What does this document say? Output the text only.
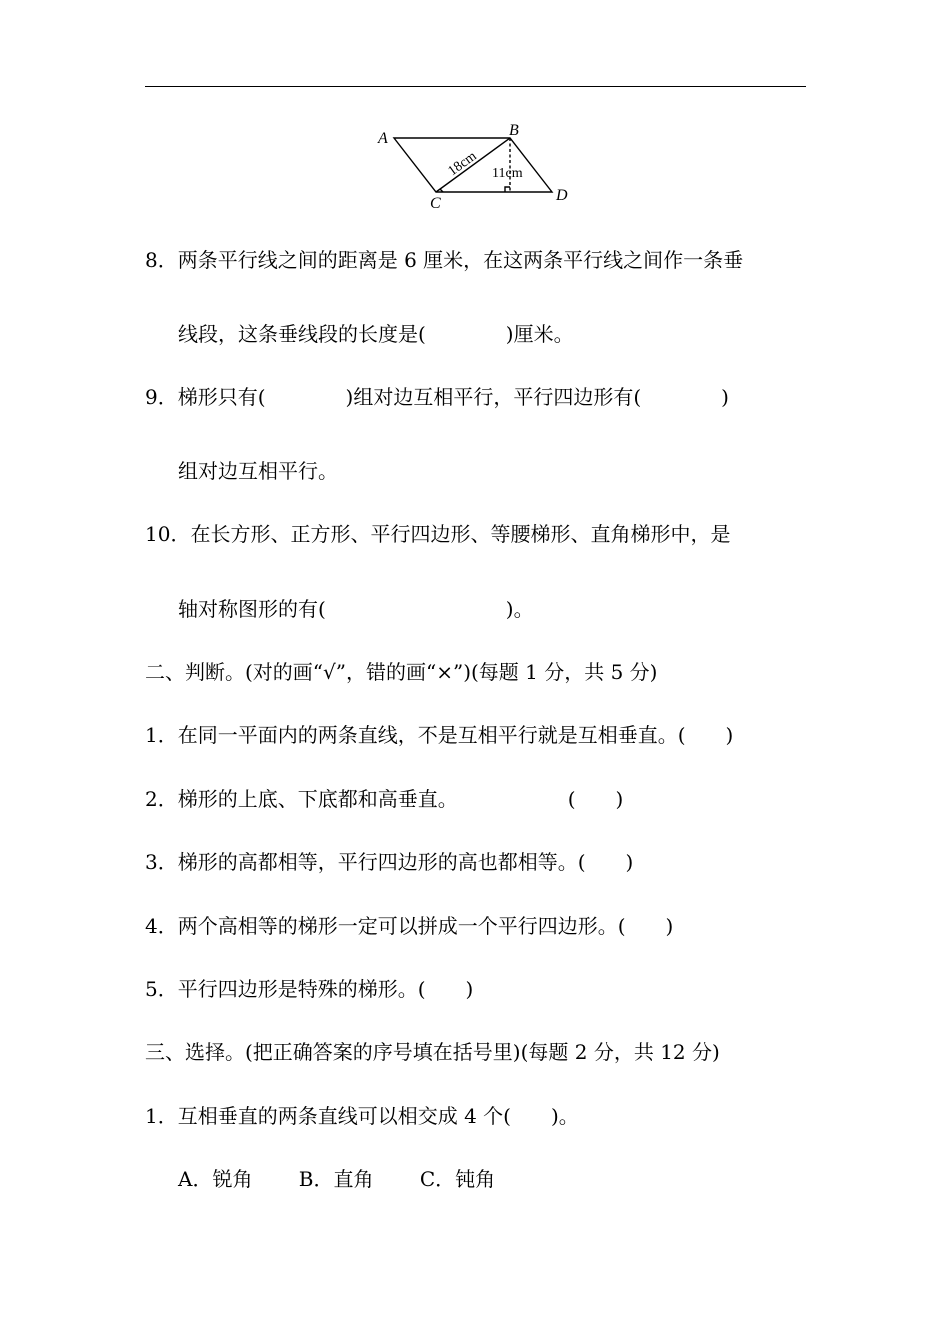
A	B
C	D
18cm 11cm
8．两条平行线之间的距离是 6 厘米，在这两条平行线之间作一条垂
线段，这条垂线段的长度是(　　　　)厘米。
9．梯形只有(　　　　)组对边互相平行，平行四边形有(　　　　)
组对边互相平行。
10．在长方形、正方形、平行四边形、等腰梯形、直角梯形中，是
轴对称图形的有(　　　　　　　　　)。
二、判断。(对的画“√”，错的画“×”)(每题 1 分，共 5 分)
1．在同一平面内的两条直线，不是互相平行就是互相垂直。(　　)
2．梯形的上底、下底都和高垂直。　　　　　　(　　)
3．梯形的高都相等，平行四边形的高也都相等。(　　)
4．两个高相等的梯形一定可以拼成一个平行四边形。(　　)
5．平行四边形是特殊的梯形。(　　)
三、选择。(把正确答案的序号填在括号里)(每题 2 分，共 12 分)
1．互相垂直的两条直线可以相交成 4 个(　　)。
A．锐角　　 B．直角　　 C．钝角
